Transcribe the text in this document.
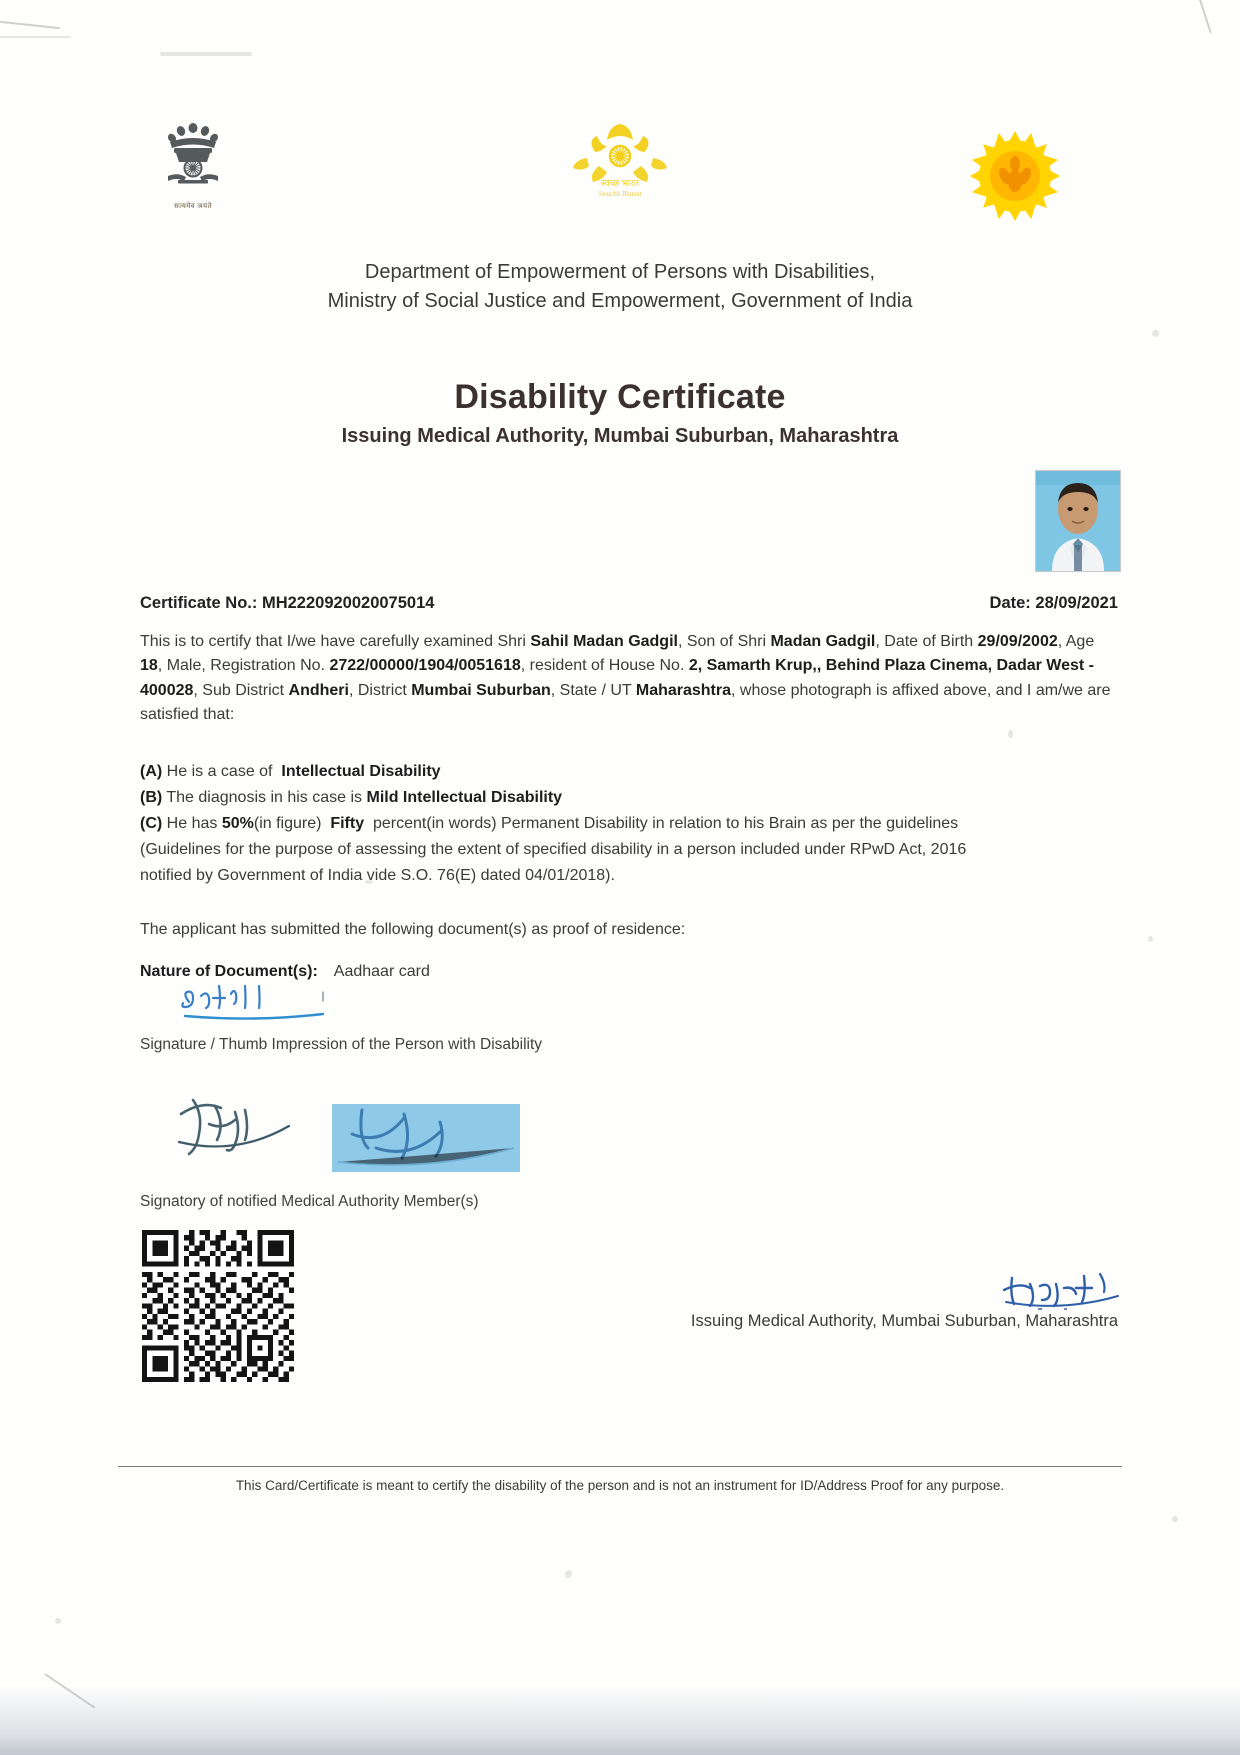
सत्यमेव जयते
स्वच्छ भारत
Swachh Bharat
Department of Empowerment of Persons with Disabilities,
Ministry of Social Justice and Empowerment, Government of India
Disability Certificate
Issuing Medical Authority, Mumbai Suburban, Maharashtra
Certificate No.: MH2220920020075014	Date: 28/09/2021
This is to certify that I/we have carefully examined Shri Sahil Madan Gadgil, Son of Shri Madan Gadgil, Date of Birth 29/09/2002, Age 18, Male, Registration No. 2722/00000/1904/0051618, resident of House No. 2, Samarth Krup,, Behind Plaza Cinema, Dadar West - 400028, Sub District Andheri, District Mumbai Suburban, State / UT Maharashtra, whose photograph is affixed above, and I am/we are satisfied that:
(A) He is a case of Intellectual Disability
(B) The diagnosis in his case is Mild Intellectual Disability
(C) He has 50%(in figure) Fifty percent(in words) Permanent Disability in relation to his Brain as per the guidelines
(Guidelines for the purpose of assessing the extent of specified disability in a person included under RPwD Act, 2016
notified by Government of India vide S.O. 76(E) dated 04/01/2018).
The applicant has submitted the following document(s) as proof of residence:
Nature of Document(s): Aadhaar card
Signature / Thumb Impression of the Person with Disability
Signatory of notified Medical Authority Member(s)
Issuing Medical Authority, Mumbai Suburban, Maharashtra
This Card/Certificate is meant to certify the disability of the person and is not an instrument for ID/Address Proof for any purpose.
